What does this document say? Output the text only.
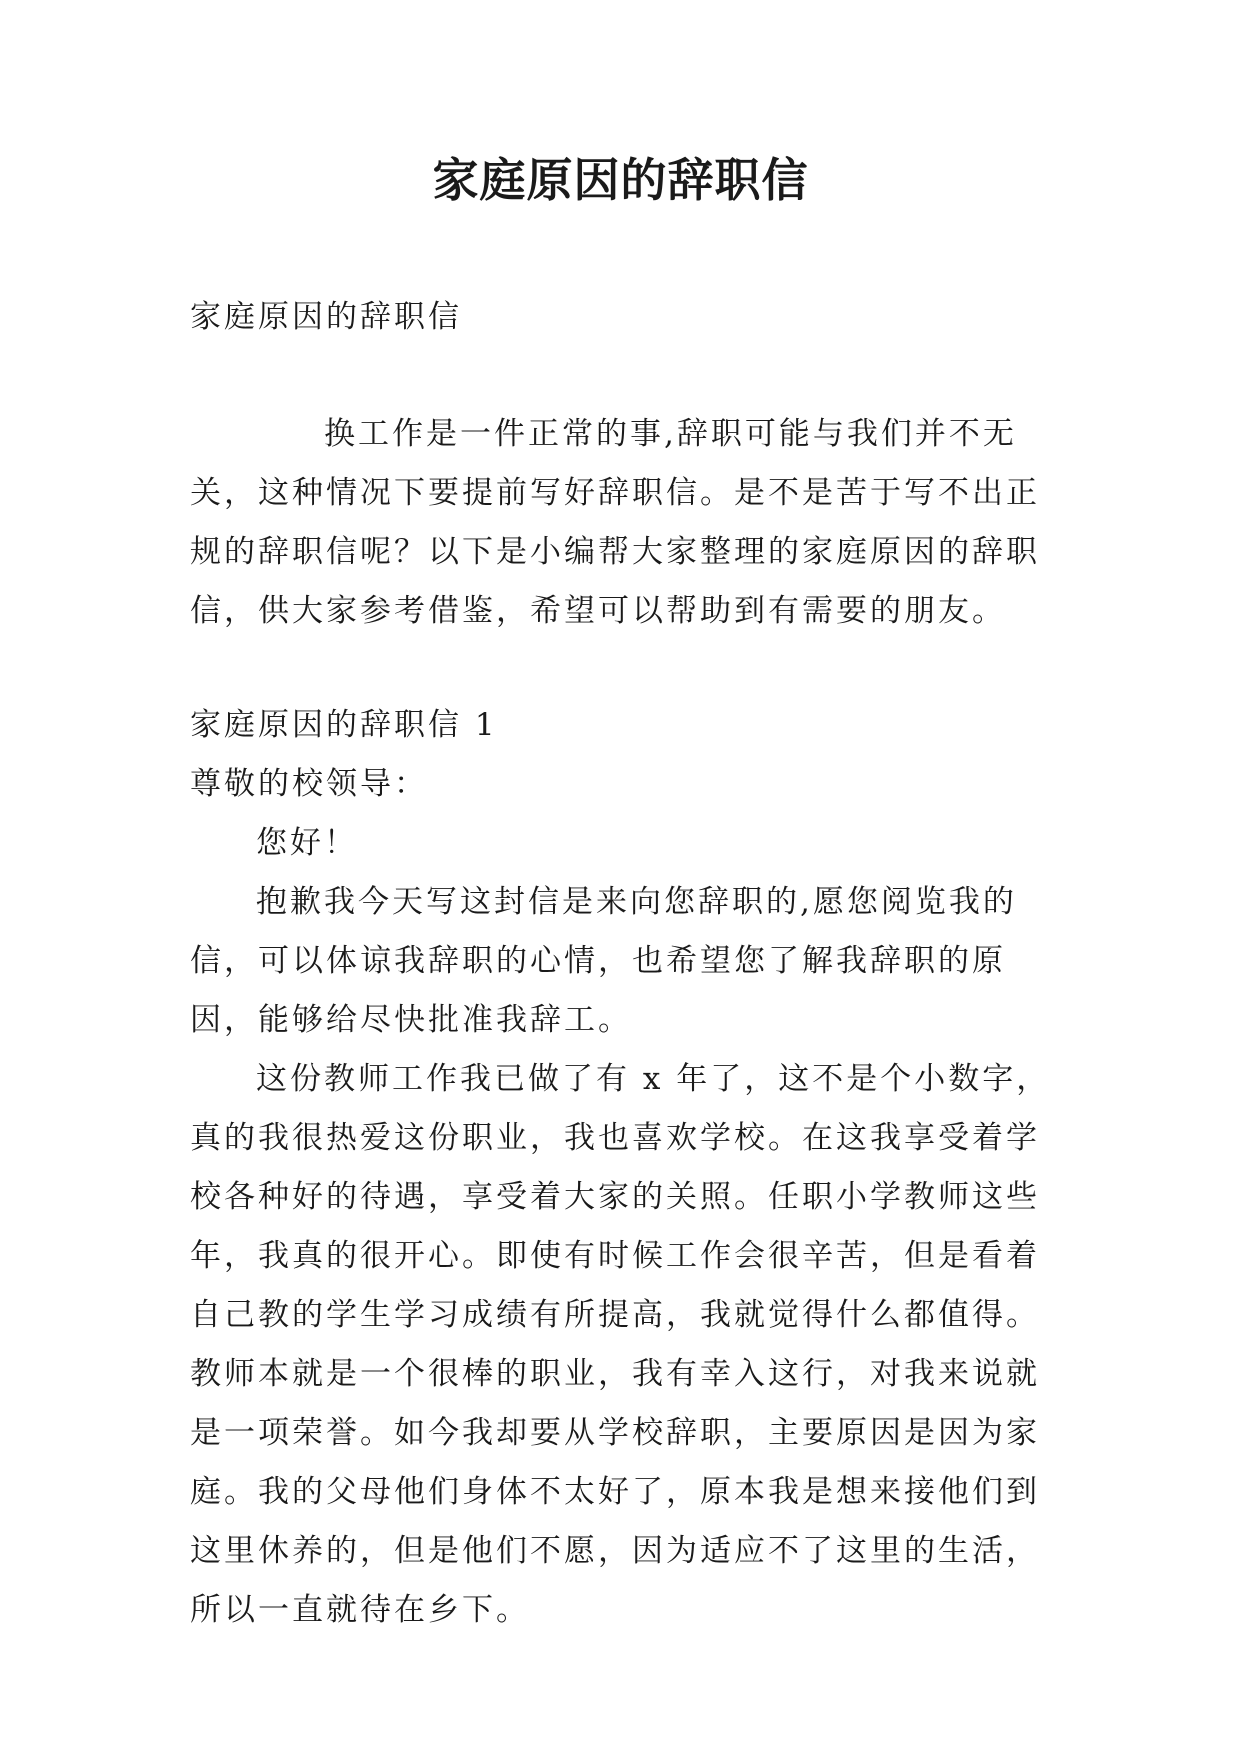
家庭原因的辞职信

家庭原因的辞职信

换工作是一件正常的事,辞职可能与我们并不无关，这种情况下要提前写好辞职信。是不是苦于写不出正规的辞职信呢？以下是小编帮大家整理的家庭原因的辞职信，供大家参考借鉴，希望可以帮助到有需要的朋友。

家庭原因的辞职信 1
尊敬的校领导：
您好！
抱歉我今天写这封信是来向您辞职的,愿您阅览我的信，可以体谅我辞职的心情，也希望您了解我辞职的原因，能够给尽快批准我辞工。
这份教师工作我已做了有 x 年了，这不是个小数字，真的我很热爱这份职业，我也喜欢学校。在这我享受着学校各种好的待遇，享受着大家的关照。任职小学教师这些年，我真的很开心。即使有时候工作会很辛苦，但是看着自己教的学生学习成绩有所提高，我就觉得什么都值得。教师本就是一个很棒的职业，我有幸入这行，对我来说就是一项荣誉。如今我却要从学校辞职，主要原因是因为家庭。我的父母他们身体不太好了，原本我是想来接他们到这里休养的，但是他们不愿，因为适应不了这里的生活，所以一直就待在乡下。
